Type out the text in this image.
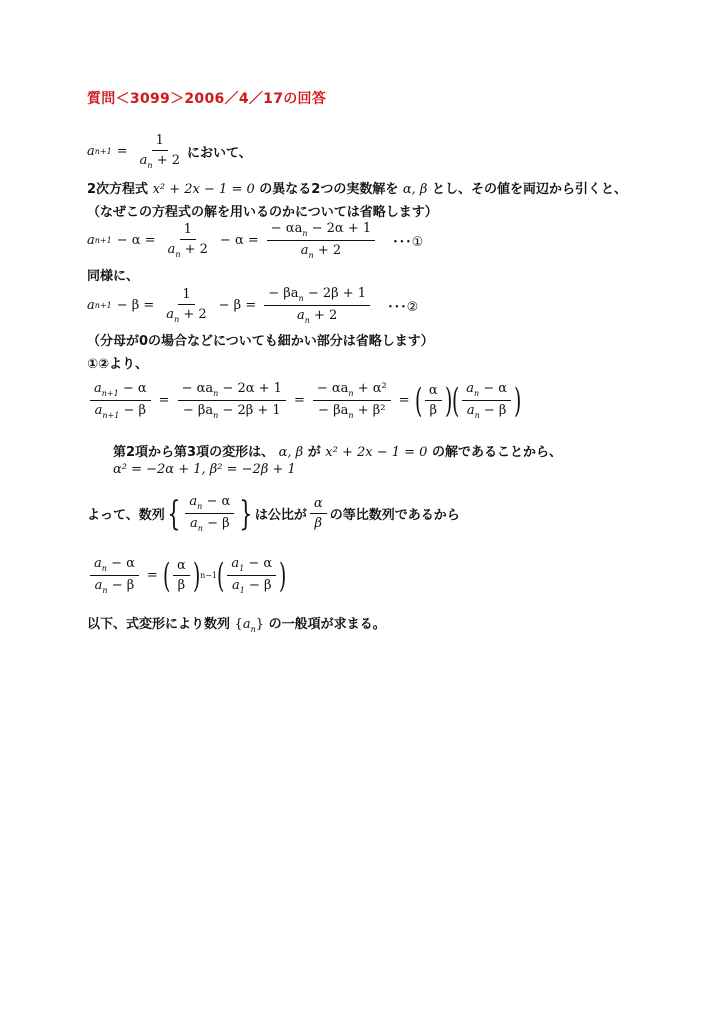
質問＜3099＞2006／4／17の回答
a $n+1 = \frac{1}{a_n + 2}$ において、
2次方程式 x² + 2x − 1 = 0 の異なる2つの実数解を α, β とし、その値を両辺から引くと、
（なぜこの方程式の解を用いるのかについては省略します）
a $n+1 - \alpha = \frac{1}{a_n + 2} - \alpha = \frac{- \alpha a_n - 2\alpha + 1}{a_n + 2}$ ･･･①
同様に、
a $n+1 - \beta = \frac{1}{a_n + 2} - \beta = \frac{- \beta a_n - 2\beta + 1}{a_n + 2}$ ･･･②
（分母が0の場合などについても細かい部分は省略します）
①②より、
$\frac{a_{n+1} - \alpha}{a_{n+1} - \beta} = \frac{- \alpha a_n - 2\alpha + 1}{- \beta a_n - 2\beta + 1} = \frac{- \alpha a_n + \alpha^2}{- \beta a_n + \beta^2}$ = ( $\frac{\alpha}{\beta}$ ) ( $\frac{a_n - \alpha}{a_n - \beta}$ )
第2項から第3項の変形は、 α, β が x² + 2x − 1 = 0 の解であることから、
α² = −2α + 1, β² = −2β + 1
よって、数列 { $\frac{a_n - \alpha}{a_n - \beta}$ } は公比が $\frac{\alpha}{\beta}$ の等比数列であるから
$\frac{a_n - \alpha}{a_n - \beta}$ = ( $\frac{\alpha}{\beta}$ ) n−1 ( $\frac{a_1 - \alpha}{a_1 - \beta}$ )
以下、式変形により数列 $\{a_n\}$ の一般項が求まる。
